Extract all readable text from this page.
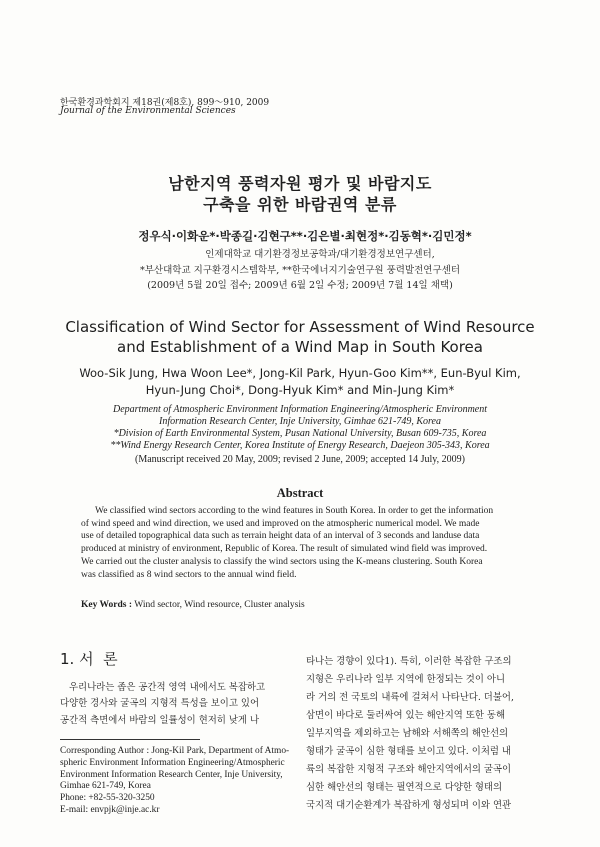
한국환경과학회지 제18권(제8호), 899～910, 2009
Journal of the Environmental Sciences
남한지역 풍력자원 평가 및 바람지도
구축을 위한 바람권역 분류
정우식·이화운*·박종길·김현구**·김은별·최현정*·김동혁*·김민정*
인제대학교 대기환경정보공학과/대기환경정보연구센터,
*부산대학교 지구환경시스템학부, **한국에너지기술연구원 풍력발전연구센터
(2009년 5월 20일 접수; 2009년 6월 2일 수정; 2009년 7월 14일 채택)
Classification of Wind Sector for Assessment of Wind Resource
and Establishment of a Wind Map in South Korea
Woo-Sik Jung, Hwa Woon Lee*, Jong-Kil Park, Hyun-Goo Kim**, Eun-Byul Kim,
Hyun-Jung Choi*, Dong-Hyuk Kim* and Min-Jung Kim*
Department of Atmospheric Environment Information Engineering/Atmospheric Environment
Information Research Center, Inje University, Gimhae 621-749, Korea
*Division of Earth Environmental System, Pusan National University, Busan 609-735, Korea
**Wind Energy Research Center, Korea Institute of Energy Research, Daejeon 305-343, Korea
(Manuscript received 20 May, 2009; revised 2 June, 2009; accepted 14 July, 2009)
Abstract
We classified wind sectors according to the wind features in South Korea. In order to get the information
of wind speed and wind direction, we used and improved on the atmospheric numerical model. We made
use of detailed topographical data such as terrain height data of an interval of 3 seconds and landuse data
produced at ministry of environment, Republic of Korea. The result of simulated wind field was improved.
We carried out the cluster analysis to classify the wind sectors using the K-means clustering. South Korea
was classified as 8 wind sectors to the annual wind field.
Key Words : Wind sector, Wind resource, Cluster analysis
1. 서  론
우리나라는 좁은 공간적 영역 내에서도 복잡하고
다양한 경사와 굴곡의 지형적 특성을 보이고 있어
공간적 측면에서 바람의 일률성이 현저히 낮게 나
Corresponding Author : Jong-Kil Park, Department of Atmo-
spheric Environment Information Engineering/Atmospheric
Environment Information Research Center, Inje University,
Gimhae 621-749, Korea
Phone: +82-55-320-3250
E-mail: envpjk@inje.ac.kr
타나는 경향이 있다1). 특히, 이러한 복잡한 구조의
지형은 우리나라 일부 지역에 한정되는 것이 아니
라 거의 전 국토의 내륙에 걸쳐서 나타난다. 더불어,
삼면이 바다로 둘러싸여 있는 해안지역 또한 동해
일부지역을 제외하고는 남해와 서해쪽의 해안선의
형태가 굴곡이 심한 형태를 보이고 있다. 이처럼 내
륙의 복잡한 지형적 구조와 해안지역에서의 굴곡이
심한 해안선의 형태는 필연적으로 다양한 형태의
국지적 대기순환계가 복잡하게 형성되며 이와 연관
